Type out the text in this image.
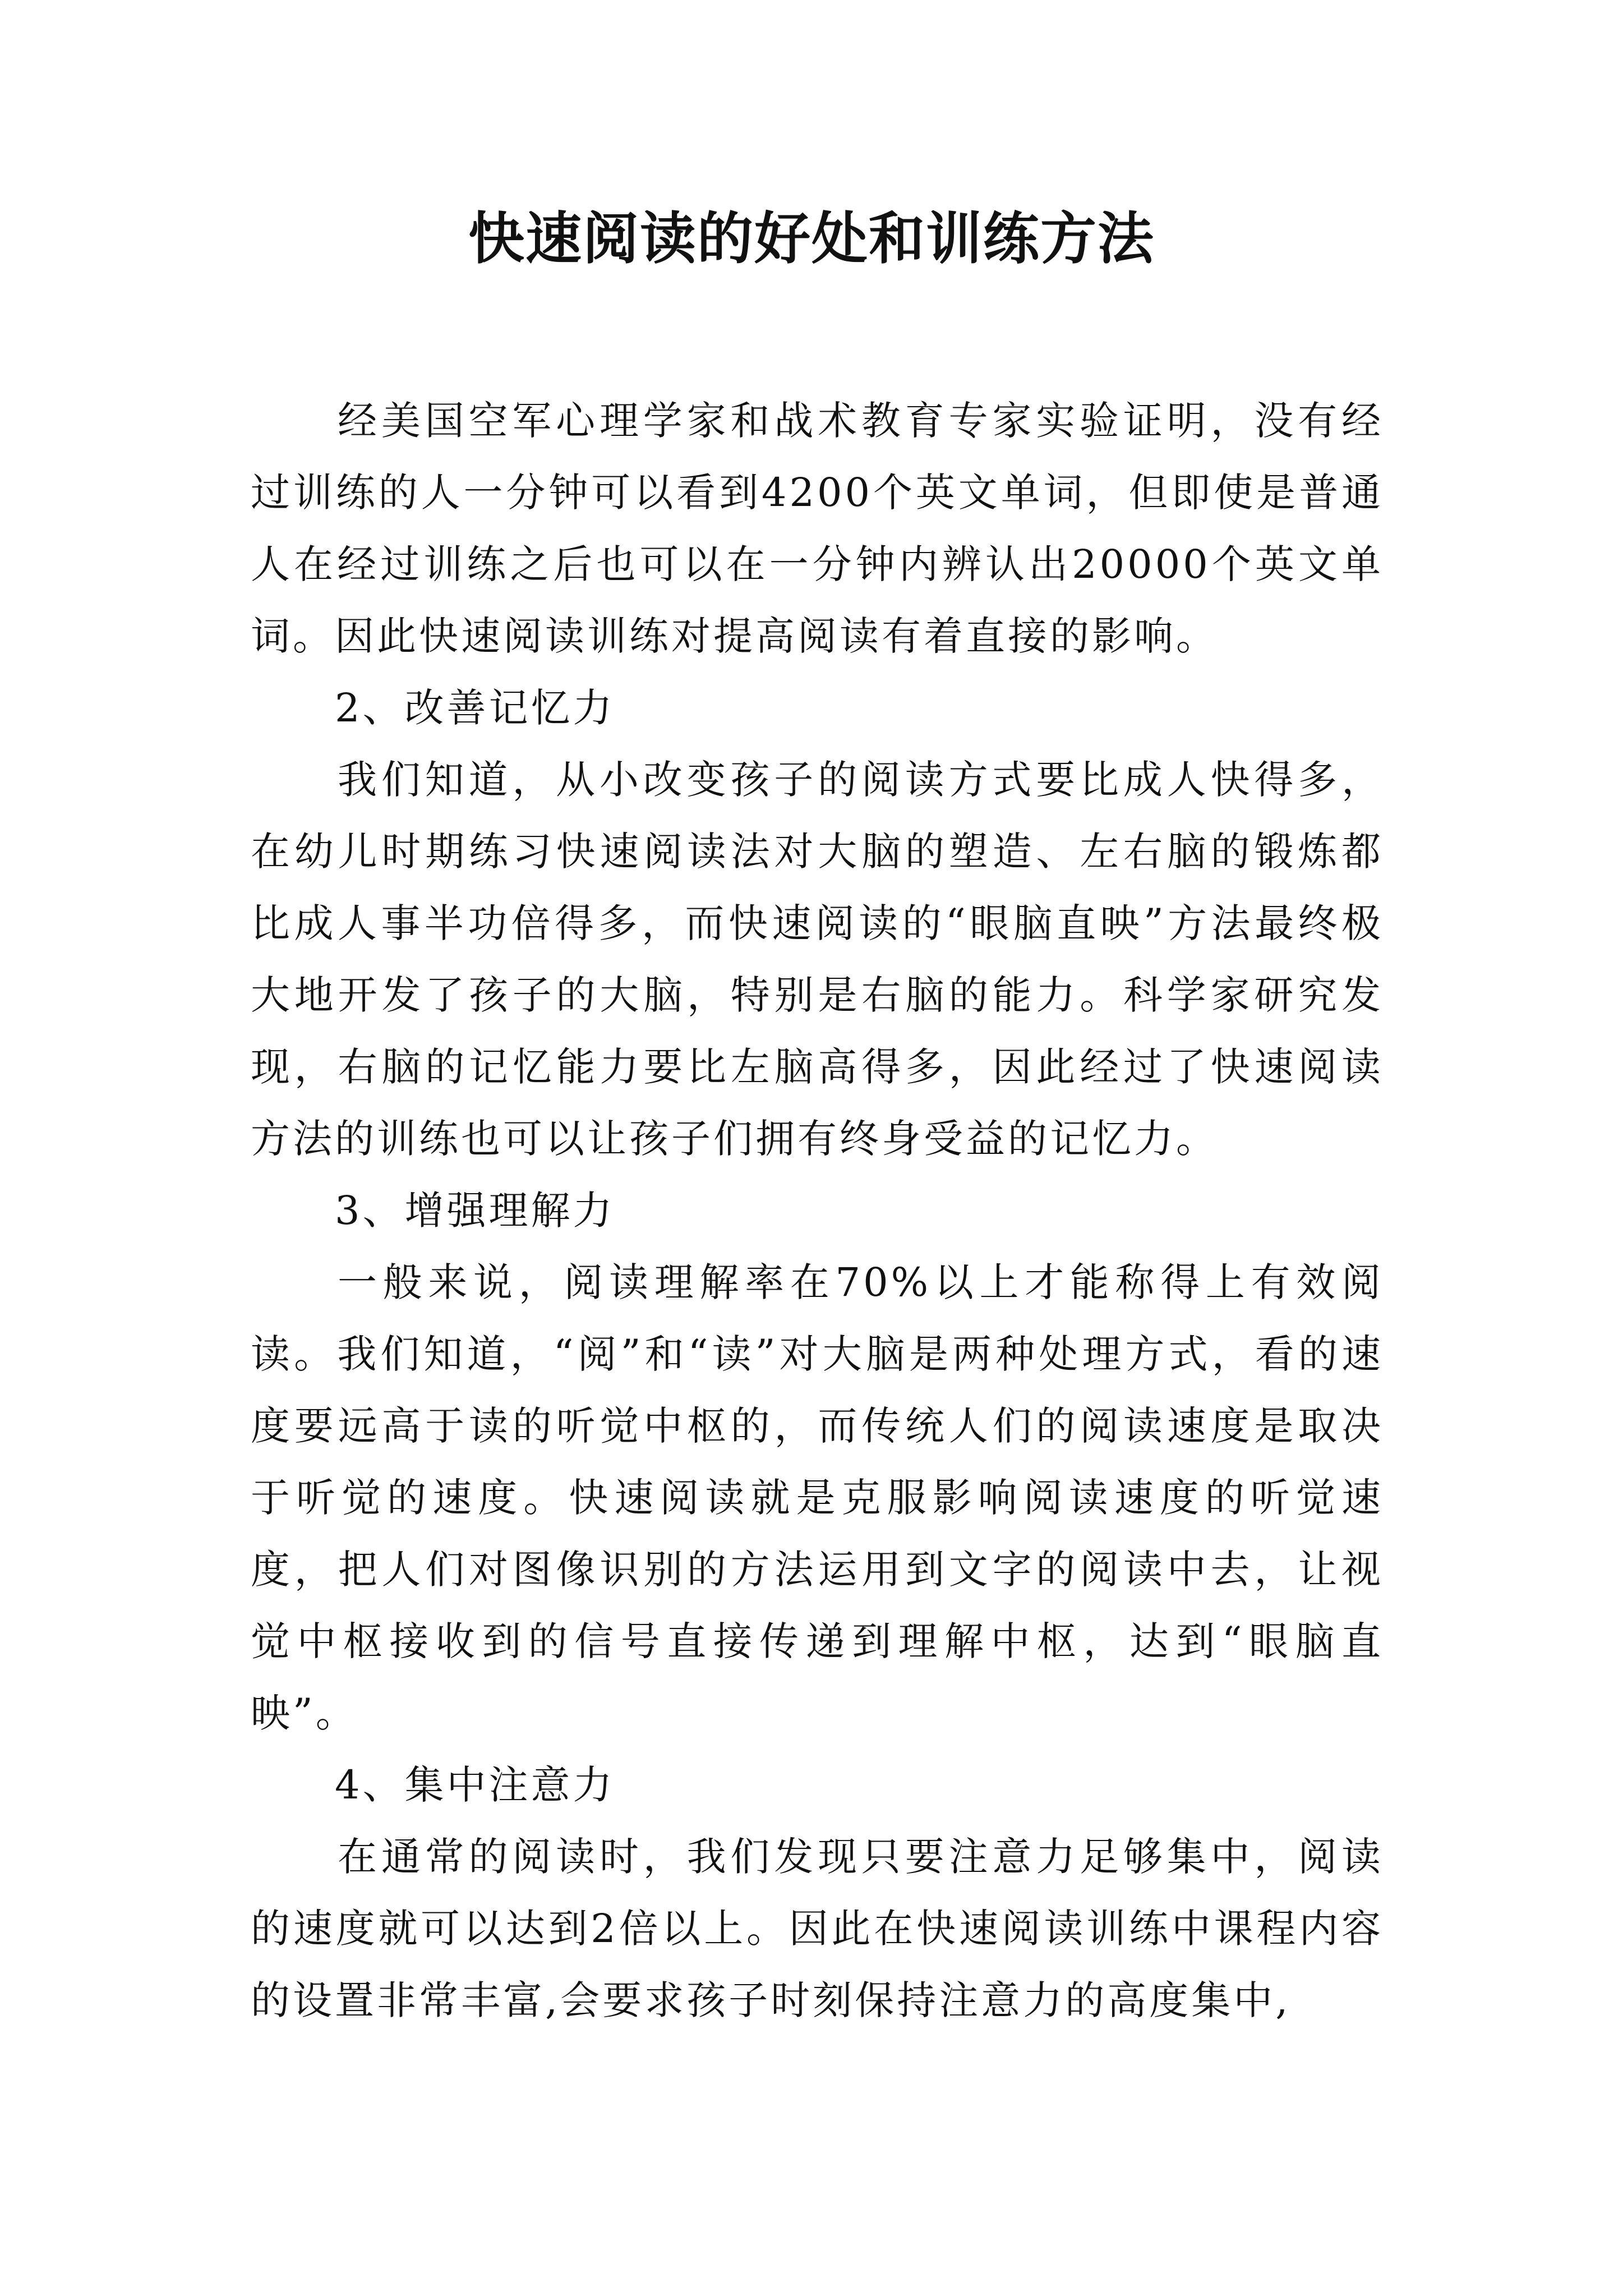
快速阅读的好处和训练方法

经美国空军心理学家和战术教育专家实验证明，没有经过训练的人一分钟可以看到4200个英文单词，但即使是普通人在经过训练之后也可以在一分钟内辨认出20000个英文单词。因此快速阅读训练对提高阅读有着直接的影响。

2、改善记忆力

我们知道，从小改变孩子的阅读方式要比成人快得多，在幼儿时期练习快速阅读法对大脑的塑造、左右脑的锻炼都比成人事半功倍得多，而快速阅读的“眼脑直映”方法最终极大地开发了孩子的大脑，特别是右脑的能力。科学家研究发现，右脑的记忆能力要比左脑高得多，因此经过了快速阅读方法的训练也可以让孩子们拥有终身受益的记忆力。

3、增强理解力

一般来说，阅读理解率在70%以上才能称得上有效阅读。我们知道，“阅”和“读”对大脑是两种处理方式，看的速度要远高于读的听觉中枢的，而传统人们的阅读速度是取决于听觉的速度。快速阅读就是克服影响阅读速度的听觉速度，把人们对图像识别的方法运用到文字的阅读中去，让视觉中枢接收到的信号直接传递到理解中枢，达到“眼脑直映”。

4、集中注意力

在通常的阅读时，我们发现只要注意力足够集中，阅读的速度就可以达到2倍以上。因此在快速阅读训练中课程内容的设置非常丰富,会要求孩子时刻保持注意力的高度集中,
